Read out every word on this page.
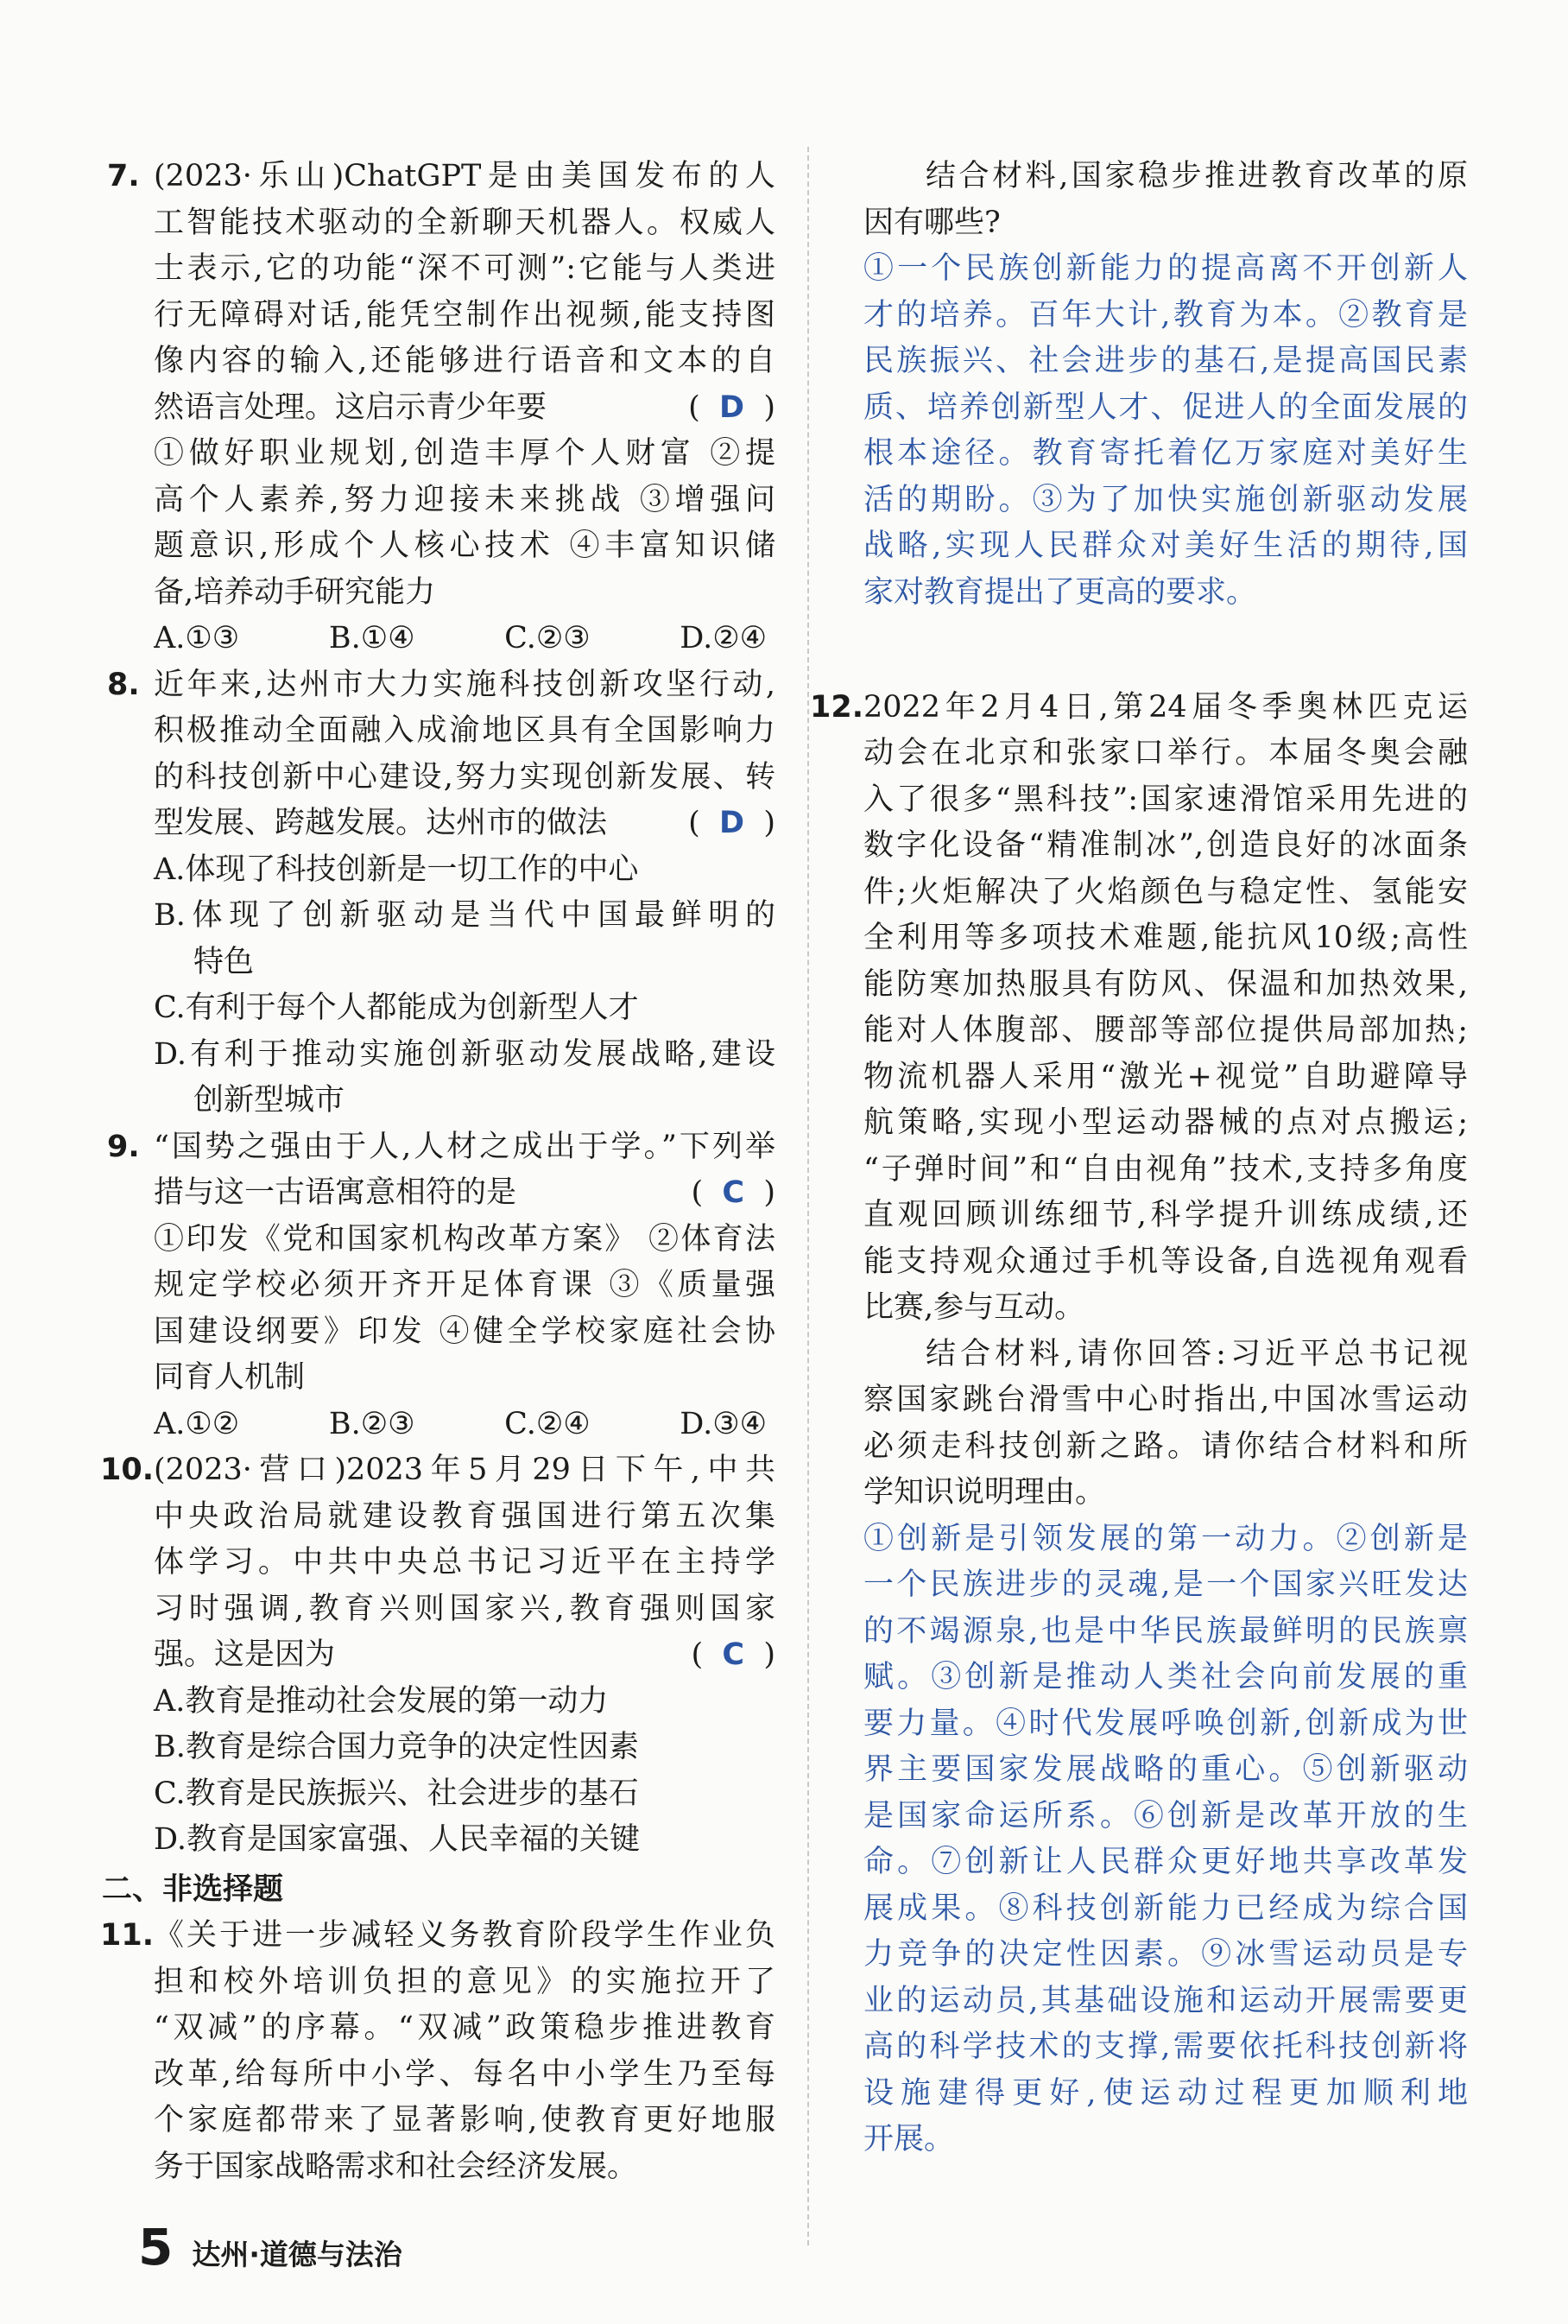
7. (2023·乐山)ChatGPT是由美国发布的人
工智能技术驱动的全新聊天机器人。权威人
士表示,它的功能“深不可测”:它能与人类进
行无障碍对话,能凭空制作出视频,能支持图
像内容的输入,还能够进行语音和文本的自
然语言处理。这启示青少年要	( D )
①做好职业规划,创造丰厚个人财富 ②提
高个人素养,努力迎接未来挑战 ③增强问
题意识,形成个人核心技术 ④丰富知识储
备,培养动手研究能力
A.①③	B.①④	C.②③	D.②④
8. 近年来,达州市大力实施科技创新攻坚行动,
积极推动全面融入成渝地区具有全国影响力
的科技创新中心建设,努力实现创新发展、转
型发展、跨越发展。达州市的做法	( D )
A.体现了科技创新是一切工作的中心
B.体现了创新驱动是当代中国最鲜明的
特色
C.有利于每个人都能成为创新型人才
D.有利于推动实施创新驱动发展战略,建设
创新型城市
9. “国势之强由于人,人材之成出于学。”下列举
措与这一古语寓意相符的是	( C )
①印发《党和国家机构改革方案》 ②体育法
规定学校必须开齐开足体育课 ③《质量强
国建设纲要》印发 ④健全学校家庭社会协
同育人机制
A.①②	B.②③	C.②④	D.③④
10. (2023·营口)2023年5月29日下午,中共
中央政治局就建设教育强国进行第五次集
体学习。中共中央总书记习近平在主持学
习时强调,教育兴则国家兴,教育强则国家
强。这是因为	( C )
A.教育是推动社会发展的第一动力
B.教育是综合国力竞争的决定性因素
C.教育是民族振兴、社会进步的基石
D.教育是国家富强、人民幸福的关键
二、非选择题
11. 《关于进一步减轻义务教育阶段学生作业负
担和校外培训负担的意见》的实施拉开了
“双减”的序幕。“双减”政策稳步推进教育
改革,给每所中小学、每名中小学生乃至每
个家庭都带来了显著影响,使教育更好地服
务于国家战略需求和社会经济发展。
结合材料,国家稳步推进教育改革的原
因有哪些?
①一个民族创新能力的提高离不开创新人
才的培养。百年大计,教育为本。②教育是
民族振兴、社会进步的基石,是提高国民素
质、培养创新型人才、促进人的全面发展的
根本途径。教育寄托着亿万家庭对美好生
活的期盼。③为了加快实施创新驱动发展
战略,实现人民群众对美好生活的期待,国
家对教育提出了更高的要求。
12. 2022年2月4日,第24届冬季奥林匹克运
动会在北京和张家口举行。本届冬奥会融
入了很多“黑科技”:国家速滑馆采用先进的
数字化设备“精准制冰”,创造良好的冰面条
件;火炬解决了火焰颜色与稳定性、氢能安
全利用等多项技术难题,能抗风10级;高性
能防寒加热服具有防风、保温和加热效果,
能对人体腹部、腰部等部位提供局部加热;
物流机器人采用“激光+视觉”自助避障导
航策略,实现小型运动器械的点对点搬运;
“子弹时间”和“自由视角”技术,支持多角度
直观回顾训练细节,科学提升训练成绩,还
能支持观众通过手机等设备,自选视角观看
比赛,参与互动。
结合材料,请你回答:习近平总书记视
察国家跳台滑雪中心时指出,中国冰雪运动
必须走科技创新之路。请你结合材料和所
学知识说明理由。
①创新是引领发展的第一动力。②创新是
一个民族进步的灵魂,是一个国家兴旺发达
的不竭源泉,也是中华民族最鲜明的民族禀
赋。③创新是推动人类社会向前发展的重
要力量。④时代发展呼唤创新,创新成为世
界主要国家发展战略的重心。⑤创新驱动
是国家命运所系。⑥创新是改革开放的生
命。⑦创新让人民群众更好地共享改革发
展成果。⑧科技创新能力已经成为综合国
力竞争的决定性因素。⑨冰雪运动员是专
业的运动员,其基础设施和运动开展需要更
高的科学技术的支撑,需要依托科技创新将
设施建得更好,使运动过程更加顺利地
开展。
5 达州·道德与法治
